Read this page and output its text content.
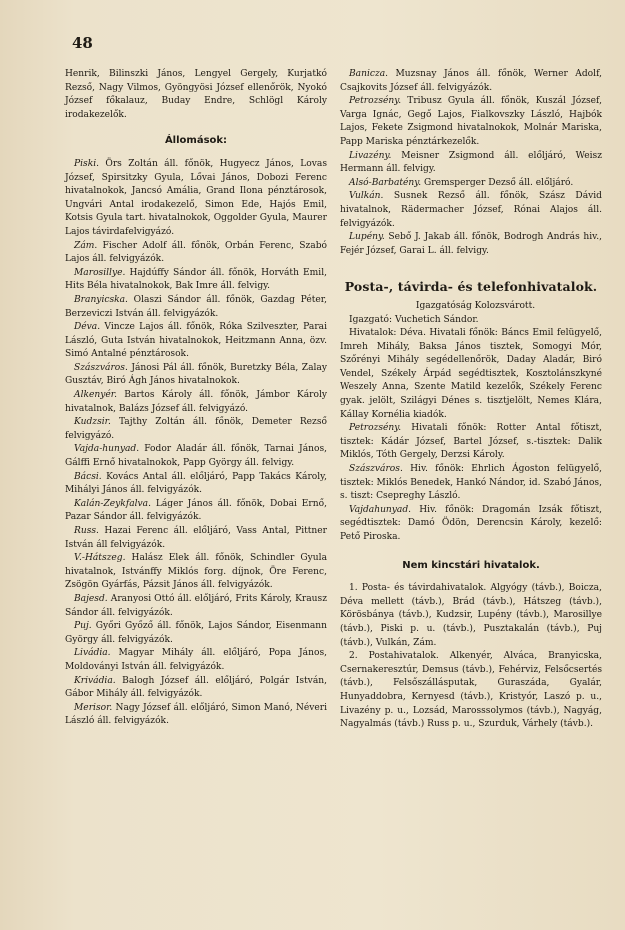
48

Henrik, Bilinszki János, Lengyel Gergely, Kurjatkó Rezső, Nagy Vilmos, Gyöngyösi József ellenőrök, Nyokó József főkalauz, Buday Endre, Schlögl Károly irodakezelők.

Állomások:

Piski. Örs Zoltán áll. főnök, Hugyecz János, Lovas József, Spirsitzky Gyula, Lővai János, Dobozi Ferenc hivatalnokok, Jancsó Amália, Grand Ilona pénztárosok, Ungvári Antal irodakezelő, Simon Ede, Hajós Emil, Kotsis Gyula tart. hivatalnokok, Oggolder Gyula, Maurer Lajos távirdafelvigyázó.

Zám. Fischer Adolf áll. főnök, Orbán Ferenc, Szabó Lajos áll. felvigyázók.

Marosillye. Hajdúffy Sándor áll. főnök, Horváth Emil, Hits Béla hivatalnokok, Bak Imre áll. felvigy.

Branyicska. Olaszi Sándor áll. főnök, Gazdag Péter, Berzeviczi István áll. felvigyázók.

Déva. Vincze Lajos áll. főnök, Róka Szilveszter, Parai László, Guta István hivatalnokok, Heitzmann Anna, özv. Simó Antalné pénztárosok.

Szászváros. Jánosi Pál áll. főnök, Buretzky Béla, Zalay Gusztáv, Biró Ágh János hivatalnokok.

Alkenyér. Bartos Károly áll. főnök, Jámbor Károly hivatalnok, Balázs József áll. felvigyázó.

Kudzsir. Tajthy Zoltán áll. főnök, Demeter Rezső felvigyázó.

Vajda-hunyad. Fodor Aladár áll. főnök, Tarnai János, Gálffi Ernő hivatalnokok, Papp György áll. felvigy.

Bácsi. Kovács Antal áll. előljáró, Papp Takács Károly, Mihályi János áll. felvigyázók.

Kalán-Zeykfalva. Láger János áll. főnök, Dobai Ernő, Pazar Sándor áll. felvigyázók.

Russ. Hazai Ferenc áll. előljáró, Vass Antal, Pittner István áll felvigyázók.

V.-Hátszeg. Halász Elek áll. főnök, Schindler Gyula hivatalnok, Istvánffy Miklós forg. díjnok, Öre Ferenc, Zsögön Gyárfás, Pázsit János áll. felvigyázók.

Bajesd. Aranyosi Ottó áll. előljáró, Frits Károly, Krausz Sándor áll. felvigyázók.

Puj. Győri Győző áll. főnök, Lajos Sándor, Eisenmann György áll. felvigyázók.

Livádia. Magyar Mihály áll. előljáró, Popa János, Moldoványi István áll. felvigyázók.

Krivádia. Balogh József áll. előljáró, Polgár István, Gábor Mihály áll. felvigyázók.

Merisor. Nagy József áll. előljáró, Simon Manó, Néveri László áll. felvigyázók.

Banicza. Muzsnay János áll. főnök, Werner Adolf, Csajkovits József áll. felvigyázók.

Petrozsény. Tribusz Gyula áll. főnök, Kuszál József, Varga Ignác, Gegő Lajos, Fialkovszky László, Hajbók Lajos, Fekete Zsigmond hivatalnokok, Molnár Mariska, Papp Mariska pénztárkezelők.

Livazény. Meisner Zsigmond áll. előljáró, Weisz Hermann áll. felvigy.

Alsó-Barbatény. Gremsperger Dezső áll. előljáró.

Vulkán. Susnek Rezső áll. főnök, Szász Dávid hivatalnok, Rädermacher József, Rónai Alajos áll. felvigyázók.

Lupény. Sebő J. Jakab áll. főnök, Bodrogh András hiv., Fejér József, Garai L. áll. felvigy.

Posta-, távirda- és telefonhivatalok.

Igazgatóság Kolozsvárott.

Igazgató: Vuchetich Sándor.

Hivatalok: Déva. Hivatali főnök: Báncs Emil felügyelő, Imreh Mihály, Baksa János tisztek, Somogyi Mór, Szőrényi Mihály segédellenőrök, Daday Aladár, Biró Vendel, Székely Árpád segédtisztek, Kosztolánszkyné Weszely Anna, Szente Matild kezelők, Székely Ferenc gyak. jelölt, Szilágyi Dénes s. tisztjelölt, Nemes Klára, Kállay Kornélia kiadók.

Petrozsény. Hivatali főnök: Rotter Antal főtiszt, tisztek: Kádár József, Bartel József, s.-tisztek: Dalik Miklós, Tóth Gergely, Derzsi Károly.

Szászváros. Hiv. főnök: Ehrlich Ágoston felügyelő, tisztek: Miklós Benedek, Hankó Nándor, id. Szabó János, s. tiszt: Csepreghy László.

Vajdahunyad. Hiv. főnök: Dragomán Izsák főtiszt, segédtisztek: Damó Ödön, Derencsin Károly, kezelő: Pető Piroska.

Nem kincstári hivatalok.

1. Posta- és távirdahivatalok. Algyógy (távb.), Boicza, Déva mellett (távb.), Brád (távb.), Hátszeg (távb.), Körösbánya (távb.), Kudzsir, Lupény (távb.), Marosillye (távb.), Piski p. u. (távb.), Pusztakalán (távb.), Puj (távb.), Vulkán, Zám.

2. Postahivatalok. Alkenyér, Alváca, Branyicska, Csernakeresztúr, Demsus (távb.), Fehérviz, Felsőcsertés (távb.), Felsőszállásputak, Guraszáda, Gyalár, Hunyaddobra, Kernyesd (távb.), Kristyór, Laszó p. u., Livazény p. u., Lozsád, Marosssolymos (távb.), Nagyág, Nagyalmás (távb.) Russ p. u., Szurduk, Várhely (távb.).
